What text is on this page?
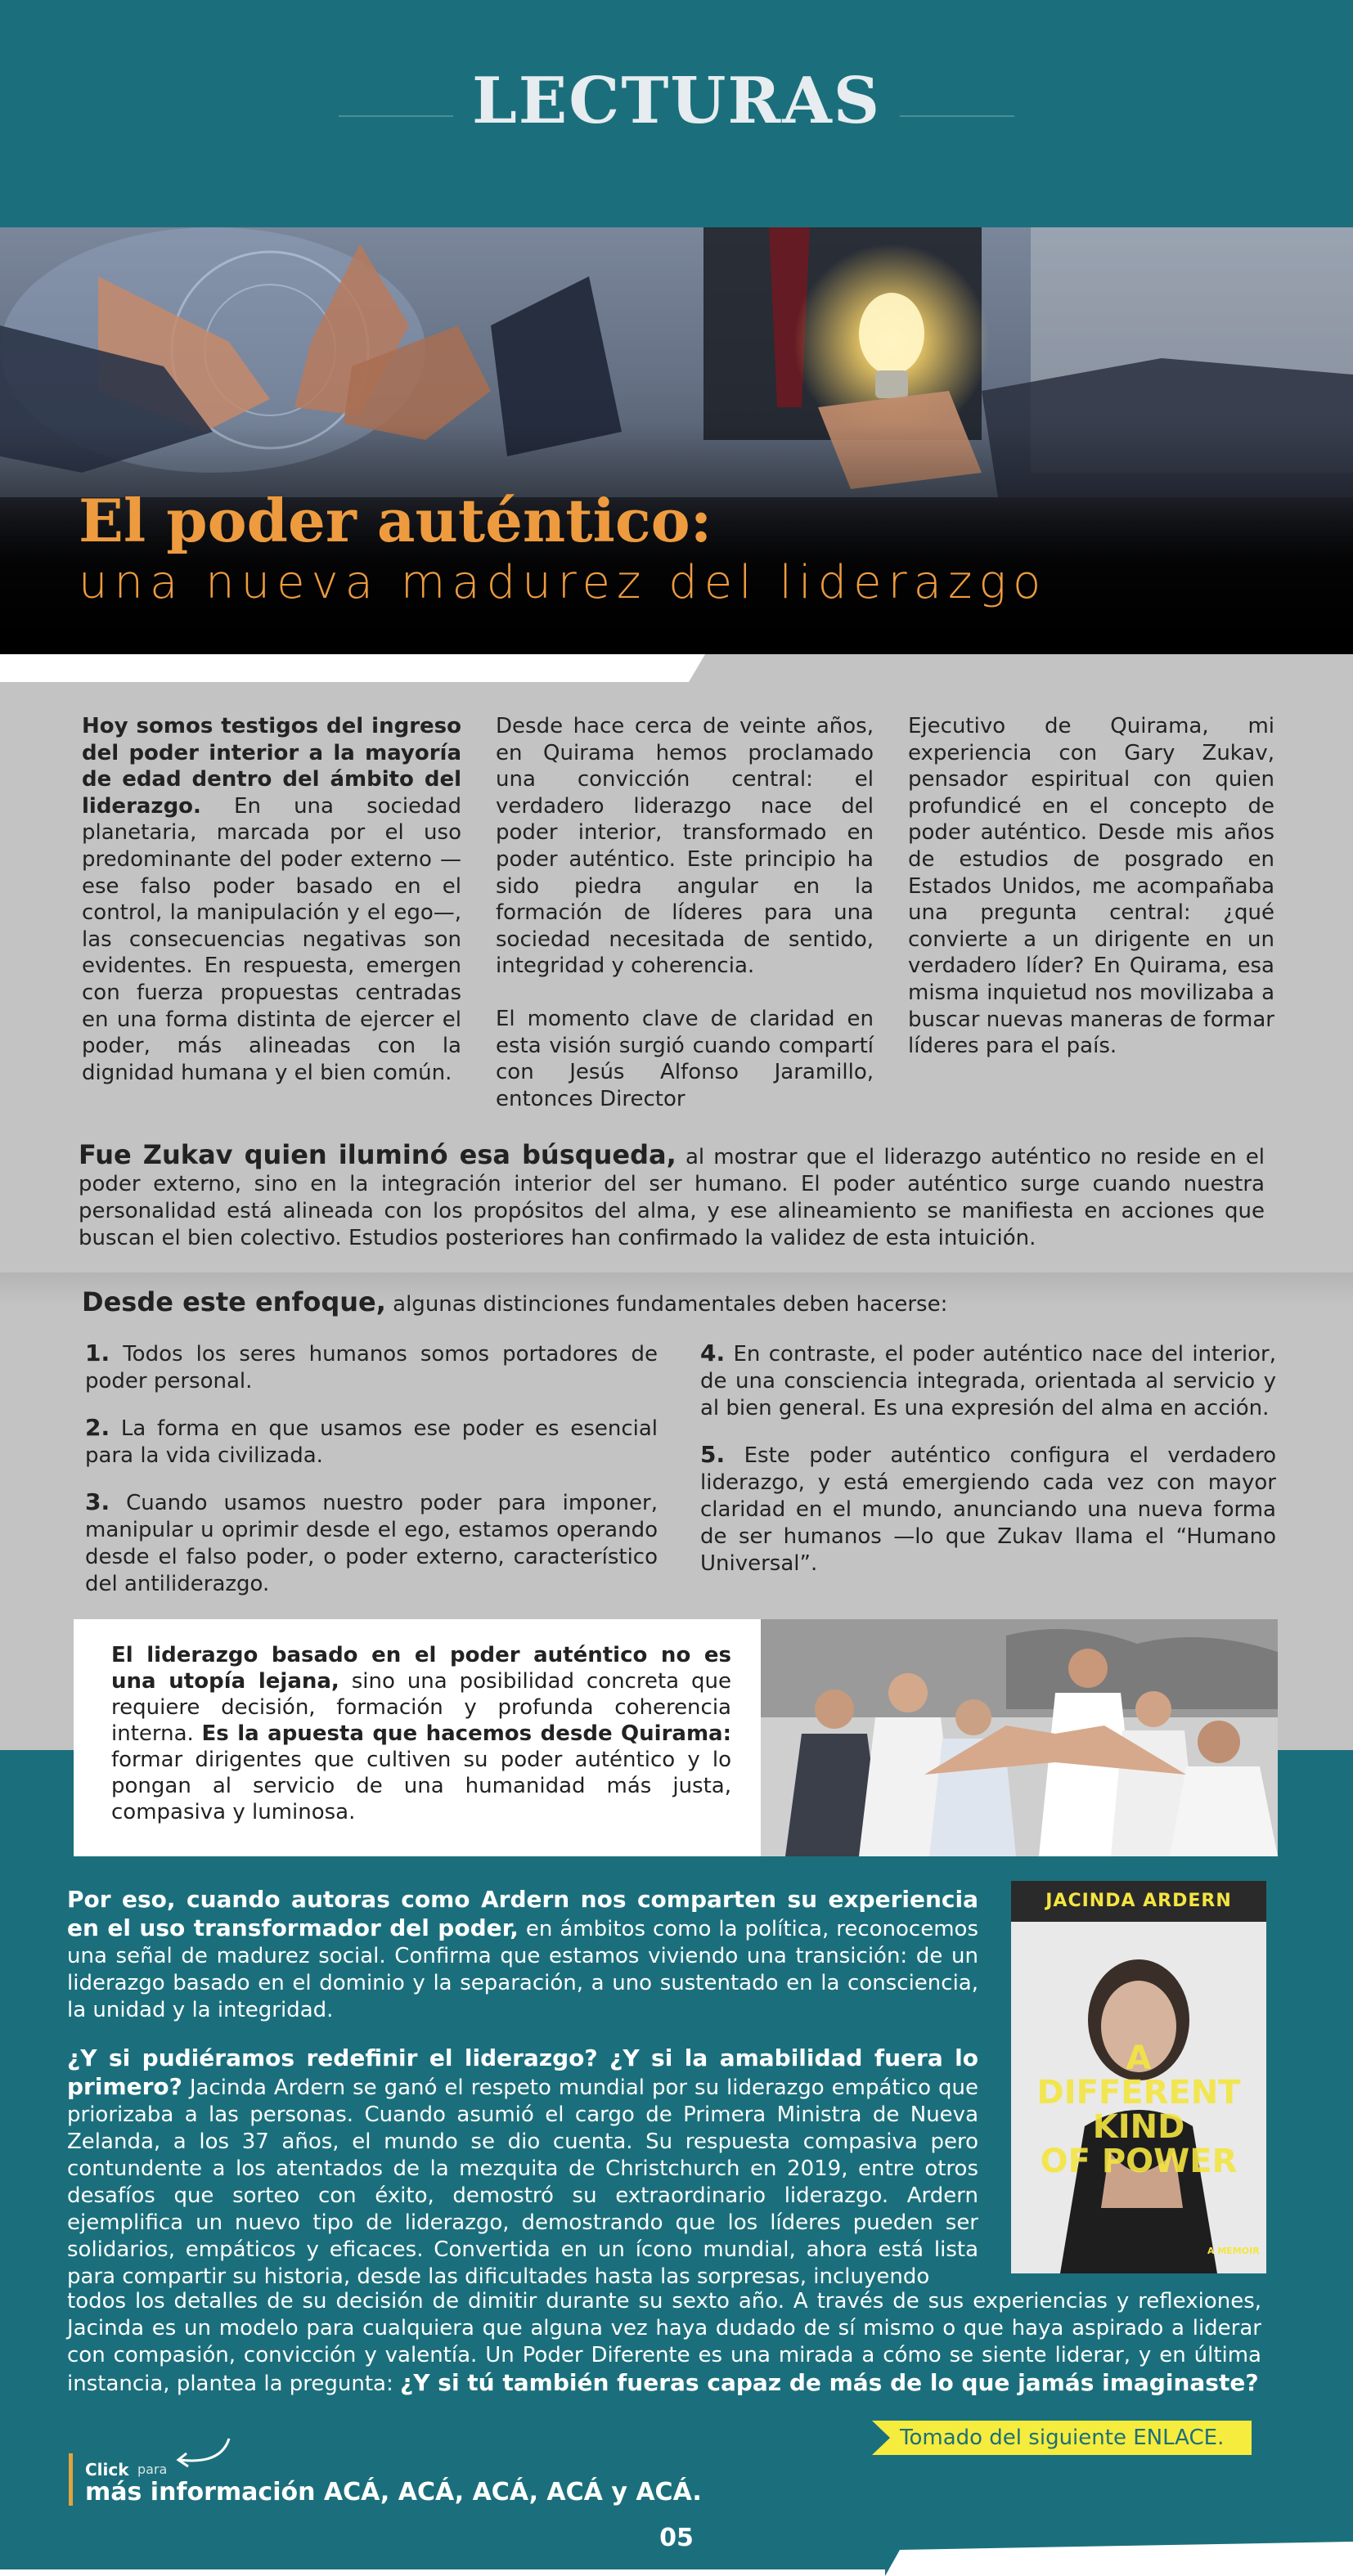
LECTURAS
El poder auténtico:
una nueva madurez del liderazgo
Hoy somos testigos del ingreso del poder interior a la mayoría de edad dentro del ámbito del liderazgo. En una sociedad planetaria, marcada por el uso predominante del poder externo —ese falso poder basado en el control, la manipulación y el ego—, las consecuencias negativas son evidentes. En respuesta, emergen con fuerza propuestas centradas en una forma distinta de ejercer el poder, más alineadas con la dignidad humana y el bien común.
Desde hace cerca de veinte años, en Quirama hemos proclamado una convicción central: el verdadero liderazgo nace del poder interior, transformado en poder auténtico. Este principio ha sido piedra angular en la formación de líderes para una sociedad necesitada de sentido, integridad y coherencia.
El momento clave de claridad en esta visión surgió cuando compartí con Jesús Alfonso Jaramillo, entonces Director
Ejecutivo de Quirama, mi experiencia con Gary Zukav, pensador espiritual con quien profundicé en el concepto de poder auténtico. Desde mis años de estudios de posgrado en Estados Unidos, me acompañaba una pregunta central: ¿qué convierte a un dirigente en un verdadero líder? En Quirama, esa misma inquietud nos movilizaba a buscar nuevas maneras de formar líderes para el país.
Fue Zukav quien iluminó esa búsqueda, al mostrar que el liderazgo auténtico no reside en el poder externo, sino en la integración interior del ser humano. El poder auténtico surge cuando nuestra personalidad está alineada con los propósitos del alma, y ese alineamiento se manifiesta en acciones que buscan el bien colectivo. Estudios posteriores han confirmado la validez de esta intuición.
Desde este enfoque, algunas distinciones fundamentales deben hacerse:
1. Todos los seres humanos somos portadores de poder personal.
2. La forma en que usamos ese poder es esencial para la vida civilizada.
3. Cuando usamos nuestro poder para imponer, manipular u oprimir desde el ego, estamos operando desde el falso poder, o poder externo, característico del antiliderazgo.
4. En contraste, el poder auténtico nace del interior, de una consciencia integrada, orientada al servicio y al bien general. Es una expresión del alma en acción.
5. Este poder auténtico configura el verdadero liderazgo, y está emergiendo cada vez con mayor claridad en el mundo, anunciando una nueva forma de ser humanos —lo que Zukav llama el “Humano Universal”.
El liderazgo basado en el poder auténtico no es una utopía lejana, sino una posibilidad concreta que requiere decisión, formación y profunda coherencia interna. Es la apuesta que hacemos desde Quirama: formar dirigentes que cultiven su poder auténtico y lo pongan al servicio de una humanidad más justa, compasiva y luminosa.
Por eso, cuando autoras como Ardern nos comparten su experiencia en el uso transformador del poder, en ámbitos como la política, reconocemos una señal de madurez social. Confirma que estamos viviendo una transición: de un liderazgo basado en el dominio y la separación, a uno sustentado en la consciencia, la unidad y la integridad.
¿Y si pudiéramos redefinir el liderazgo? ¿Y si la amabilidad fuera lo primero? Jacinda Ardern se ganó el respeto mundial por su liderazgo empático que priorizaba a las personas. Cuando asumió el cargo de Primera Ministra de Nueva Zelanda, a los 37 años, el mundo se dio cuenta. Su respuesta compasiva pero contundente a los atentados de la mezquita de Christchurch en 2019, entre otros desafíos que sorteo con éxito, demostró su extraordinario liderazgo. Ardern ejemplifica un nuevo tipo de liderazgo, demostrando que los líderes pueden ser solidarios, empáticos y eficaces. Convertida en un ícono mundial, ahora está lista para compartir su historia, desde las dificultades hasta las sorpresas, incluyendo
todos los detalles de su decisión de dimitir durante su sexto año. A través de sus experiencias y reflexiones, Jacinda es un modelo para cualquiera que alguna vez haya dudado de sí mismo o que haya aspirado a liderar con compasión, convicción y valentía. Un Poder Diferente es una mirada a cómo se siente liderar, y en última instancia, plantea la pregunta: ¿Y si tú también fueras capaz de más de lo que jamás imaginaste?
JACINDA ARDERN
A
DIFFERENT
KIND
OF POWER
A MEMOIR
Tomado del siguiente ENLACE.
Click para
más información ACÁ, ACÁ, ACÁ, ACÁ y ACÁ.
05
